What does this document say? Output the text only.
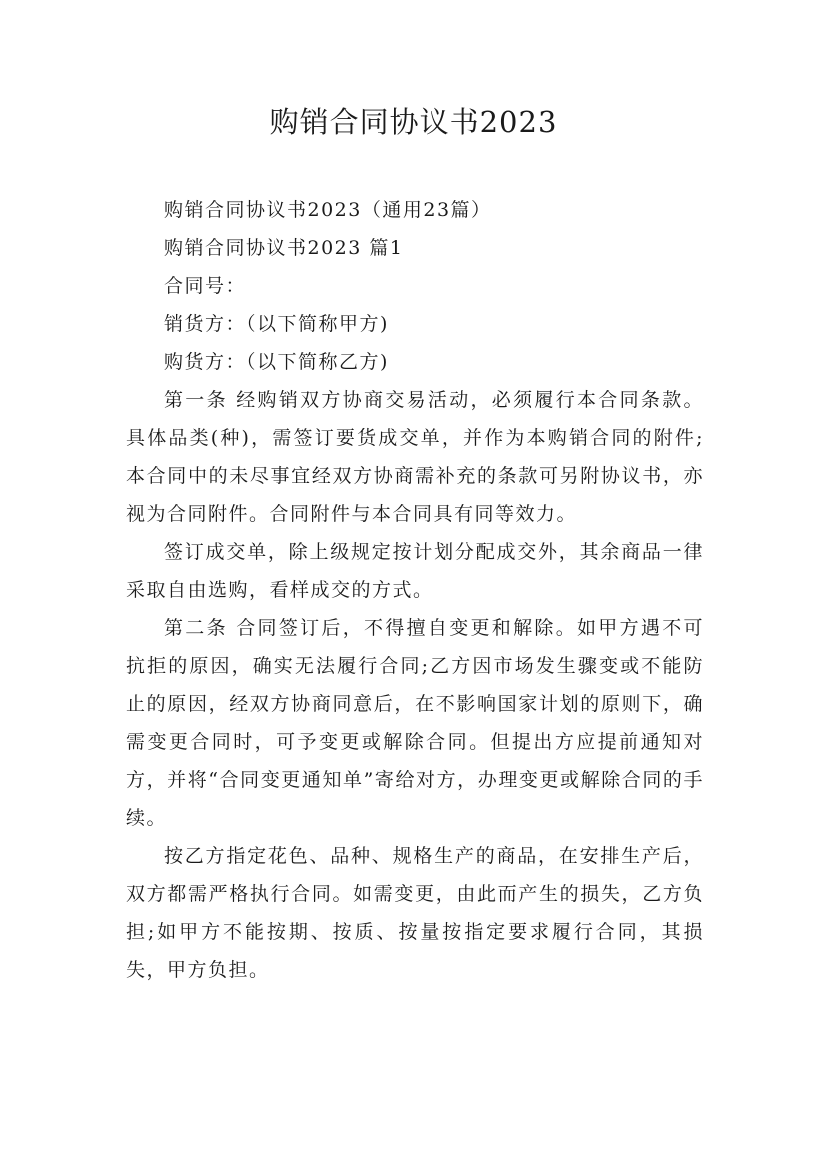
购销合同协议书2023

购销合同协议书2023（通用23篇）

购销合同协议书2023 篇1

合同号：

销货方：（以下简称甲方)

购货方：（以下简称乙方)

第一条 经购销双方协商交易活动，必须履行本合同条款。具体品类(种)，需签订要货成交单，并作为本购销合同的附件;本合同中的未尽事宜经双方协商需补充的条款可另附协议书，亦视为合同附件。合同附件与本合同具有同等效力。

签订成交单，除上级规定按计划分配成交外，其余商品一律采取自由选购，看样成交的方式。

第二条 合同签订后，不得擅自变更和解除。如甲方遇不可抗拒的原因，确实无法履行合同;乙方因市场发生骤变或不能防止的原因，经双方协商同意后，在不影响国家计划的原则下，确需变更合同时，可予变更或解除合同。但提出方应提前通知对方，并将“合同变更通知单”寄给对方，办理变更或解除合同的手续。

按乙方指定花色、品种、规格生产的商品，在安排生产后，双方都需严格执行合同。如需变更，由此而产生的损失，乙方负担;如甲方不能按期、按质、按量按指定要求履行合同，其损失，甲方负担。
